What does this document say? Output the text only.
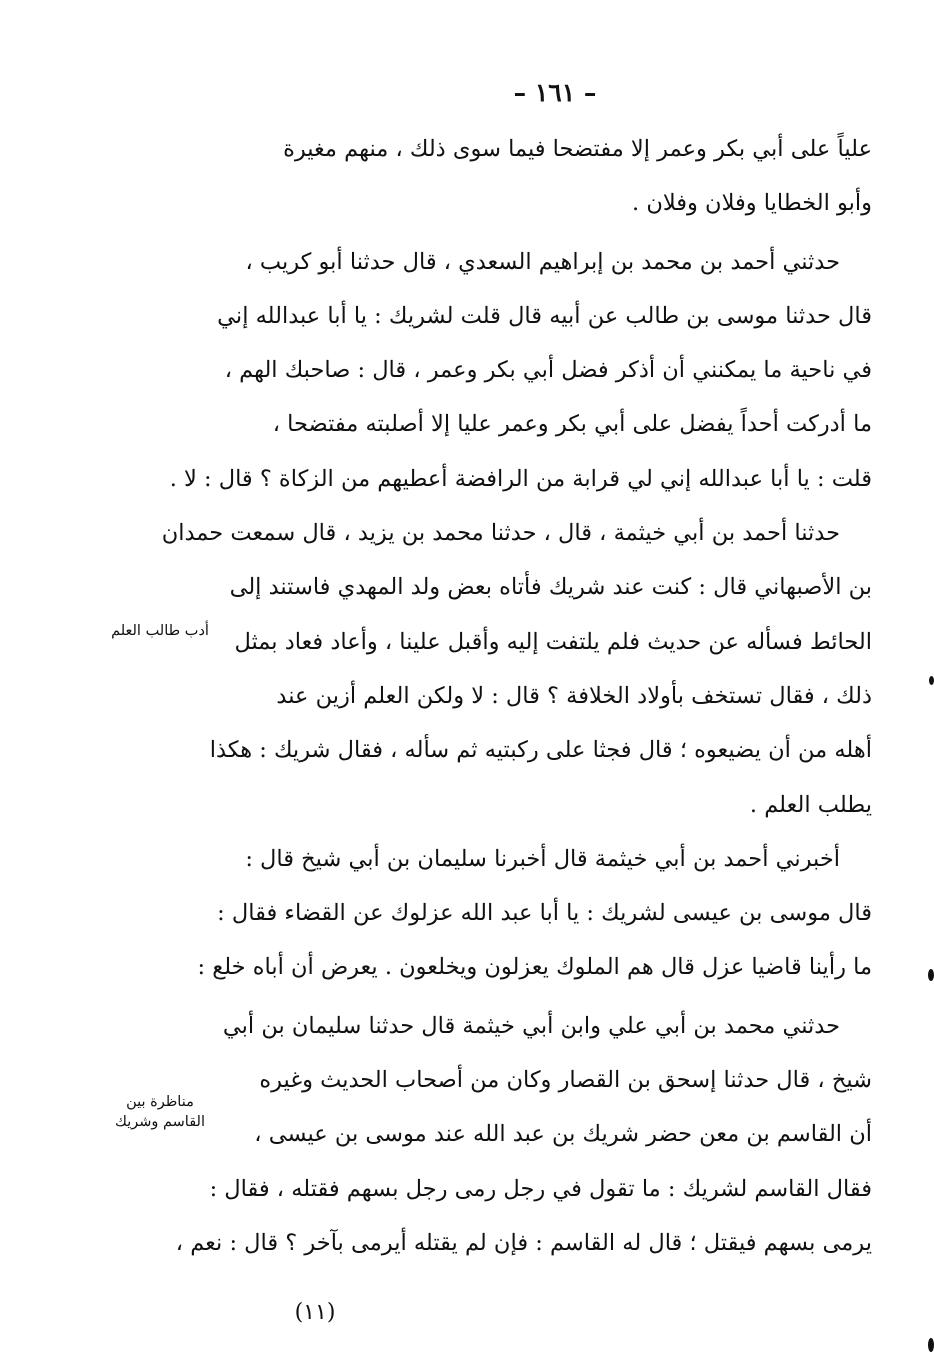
– ١٦١ –
علياً على أبي بكر وعمر إلا مفتضحا فيما سوى ذلك ، منهم مغيرة
وأبو الخطايا وفلان وفلان .
حدثني أحمد بن محمد بن إبراهيم السعدي ، قال حدثنا أبو كريب ،
قال حدثنا موسى بن طالب عن أبيه قال قلت لشريك : يا أبا عبدالله إني
في ناحية ما يمكنني أن أذكر فضل أبي بكر وعمر ، قال : صاحبك الهم ،
ما أدركت أحداً يفضل على أبي بكر وعمر عليا إلا أصلبته مفتضحا ،
قلت : يا أبا عبدالله إني لي قرابة من الرافضة أعطيهم من الزكاة ؟ قال : لا .
حدثنا أحمد بن أبي خيثمة ، قال ، حدثنا محمد بن يزيد ، قال سمعت حمدان
بن الأصبهاني قال : كنت عند شريك فأتاه بعض ولد المهدي فاستند إلى
الحائط فسأله عن حديث فلم يلتفت إليه وأقبل علينا ، وأعاد فعاد بمثل
ذلك ، فقال تستخف بأولاد الخلافة ؟ قال : لا ولكن العلم أزين عند
أهله من أن يضيعوه ؛ قال فجثا على ركبتيه ثم سأله ، فقال شريك : هكذا
يطلب العلم .
أخبرني أحمد بن أبي خيثمة قال أخبرنا سليمان بن أبي شيخ قال :
قال موسى بن عيسى لشريك : يا أبا عبد الله عزلوك عن القضاء فقال :
ما رأينا قاضيا عزل قال هم الملوك يعزلون ويخلعون . يعرض أن أباه خلع :
حدثني محمد بن أبي علي وابن أبي خيثمة قال حدثنا سليمان بن أبي
شيخ ، قال حدثنا إسحق بن القصار وكان من أصحاب الحديث وغيره
أن القاسم بن معن حضر شريك بن عبد الله عند موسى بن عيسى ،
فقال القاسم لشريك : ما تقول في رجل رمى رجل بسهم فقتله ، فقال :
يرمى بسهم فيقتل ؛ قال له القاسم : فإن لم يقتله أيرمى بآخر ؟ قال : نعم ،
أدب طالب العلم
مناظرة بين القاسم وشريك
(١١)
